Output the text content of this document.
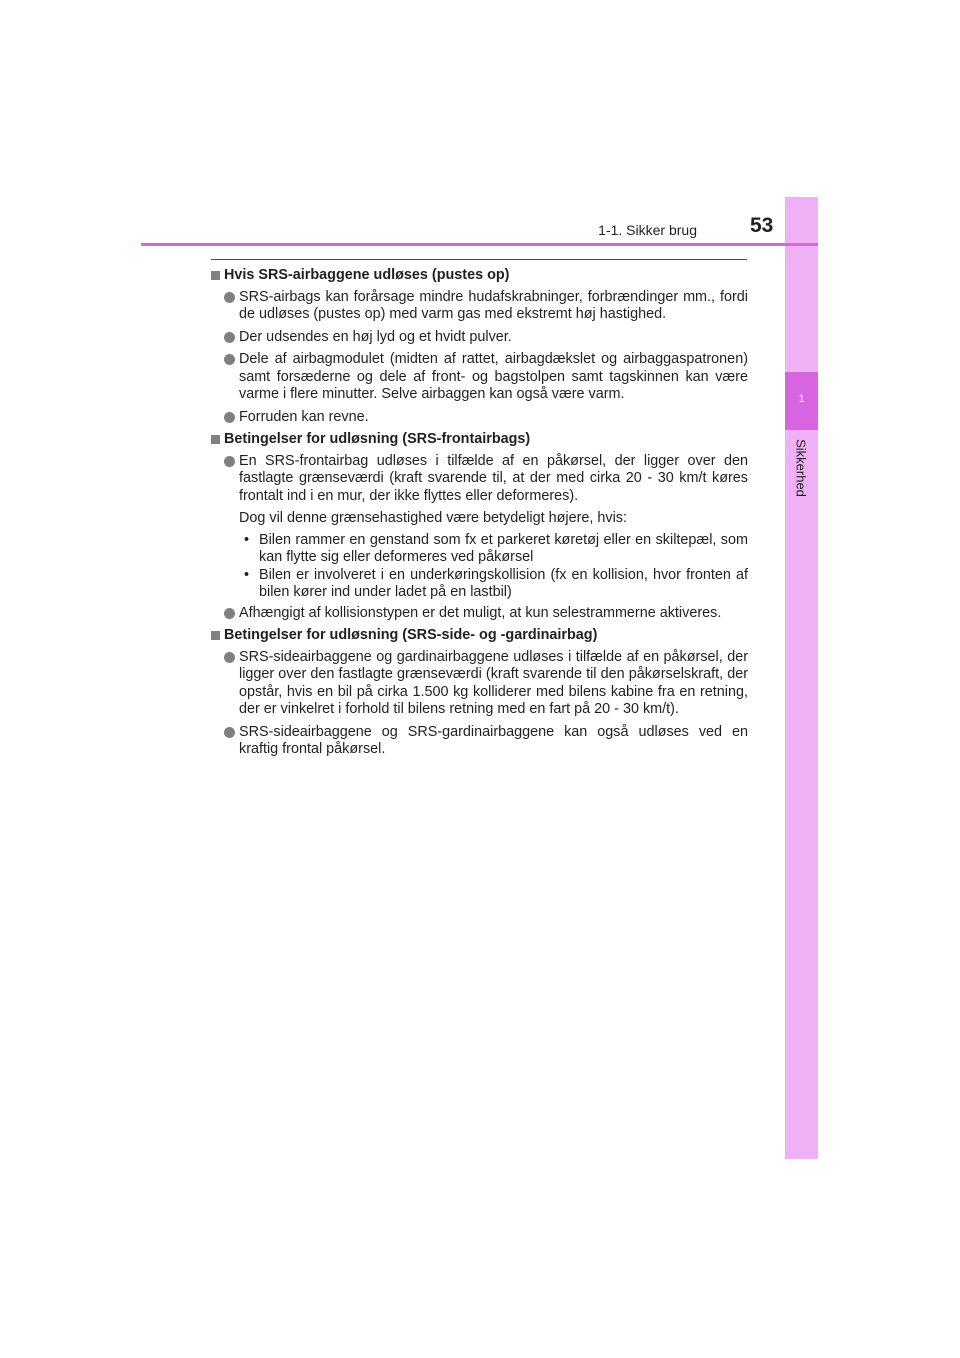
1
Sikkerhed
1-1. Sikker brug	53
Hvis SRS-airbaggene udløses (pustes op)
SRS-airbags kan forårsage mindre hudafskrabninger, forbrændinger mm., fordi de udløses (pustes op) med varm gas med ekstremt høj hastighed.
Der udsendes en høj lyd og et hvidt pulver.
Dele af airbagmodulet (midten af rattet, airbagdækslet og airbaggaspatronen) samt forsæderne og dele af front- og bagstolpen samt tagskinnen kan være varme i flere minutter. Selve airbaggen kan også være varm.
Forruden kan revne.
Betingelser for udløsning (SRS-frontairbags)
En SRS-frontairbag udløses i tilfælde af en påkørsel, der ligger over den fastlagte grænseværdi (kraft svarende til, at der med cirka 20 - 30 km/t køres frontalt ind i en mur, der ikke flyttes eller deformeres).
Dog vil denne grænsehastighed være betydeligt højere, hvis:
• Bilen rammer en genstand som fx et parkeret køretøj eller en skiltepæl, som kan flytte sig eller deformeres ved påkørsel
• Bilen er involveret i en underkøringskollision (fx en kollision, hvor fronten af bilen kører ind under ladet på en lastbil)
Afhængigt af kollisionstypen er det muligt, at kun selestrammerne aktiveres.
Betingelser for udløsning (SRS-side- og -gardinairbag)
SRS-sideairbaggene og gardinairbaggene udløses i tilfælde af en påkørsel, der ligger over den fastlagte grænseværdi (kraft svarende til den påkørselskraft, der opstår, hvis en bil på cirka 1.500 kg kolliderer med bilens kabine fra en retning, der er vinkelret i forhold til bilens retning med en fart på 20 - 30 km/t).
SRS-sideairbaggene og SRS-gardinairbaggene kan også udløses ved en kraftig frontal påkørsel.
